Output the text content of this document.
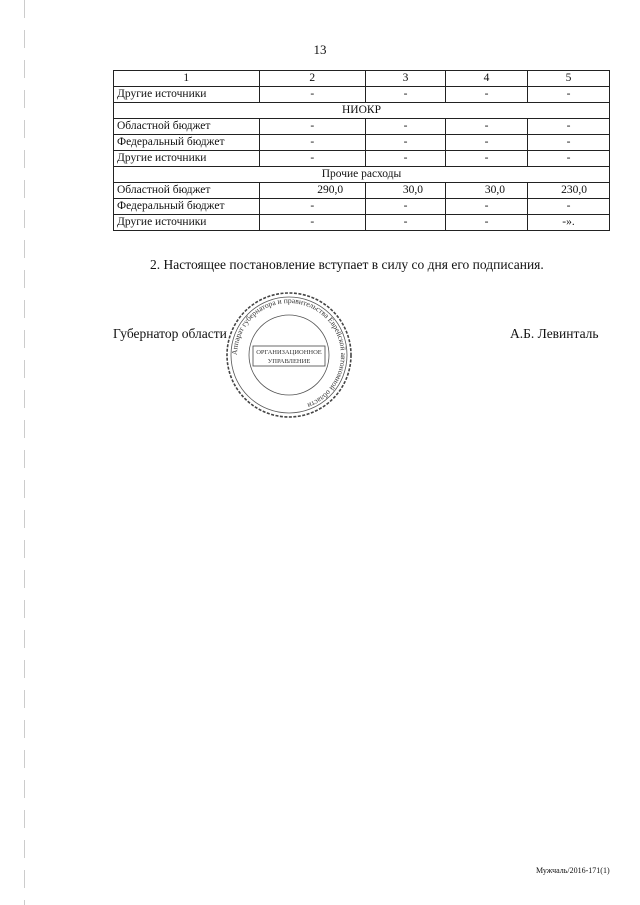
13
1	2	3	4	5
Другие источники	-	-	-	-
НИОКР				
Областной бюджет	-	-	-	-
Федеральный бюджет	-	-	-	-
Другие источники	-	-	-	-
Прочие расходы				
Областной бюджет	290,0	30,0	30,0	230,0
Федеральный бюджет	-	-	-	-
Другие источники	-	-	-	-».
2. Настоящее постановление вступает в силу со дня его подписания.
Губернатор области	А.Б. Левинталь
Аппарат губернатора и правительства Еврейской автономной области
ОРГАНИЗАЦИОННОЕ
УПРАВЛЕНИЕ
Мужчаль/2016-171(1)
